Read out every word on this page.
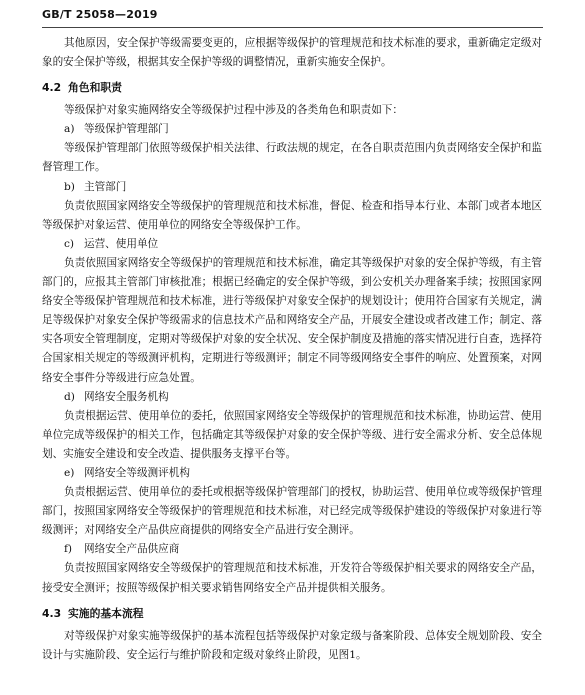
GB/T 25058—2019

其他原因，安全保护等级需要变更的，应根据等级保护的管理规范和技术标准的要求，重新确定定级对象的安全保护等级，根据其安全保护等级的调整情况，重新实施安全保护。

4.2 角色和职责

等级保护对象实施网络安全等级保护过程中涉及的各类角色和职责如下：

a) 等级保护管理部门

等级保护管理部门依照等级保护相关法律、行政法规的规定，在各自职责范围内负责网络安全保护和监督管理工作。

b) 主管部门

负责依照国家网络安全等级保护的管理规范和技术标准，督促、检查和指导本行业、本部门或者本地区等级保护对象运营、使用单位的网络安全等级保护工作。

c) 运营、使用单位

负责依照国家网络安全等级保护的管理规范和技术标准，确定其等级保护对象的安全保护等级，有主管部门的，应报其主管部门审核批准；根据已经确定的安全保护等级，到公安机关办理备案手续；按照国家网络安全等级保护管理规范和技术标准，进行等级保护对象安全保护的规划设计；使用符合国家有关规定，满足等级保护对象安全保护等级需求的信息技术产品和网络安全产品，开展安全建设或者改建工作；制定、落实各项安全管理制度，定期对等级保护对象的安全状况、安全保护制度及措施的落实情况进行自查，选择符合国家相关规定的等级测评机构，定期进行等级测评；制定不同等级网络安全事件的响应、处置预案，对网络安全事件分等级进行应急处置。

d) 网络安全服务机构

负责根据运营、使用单位的委托，依照国家网络安全等级保护的管理规范和技术标准，协助运营、使用单位完成等级保护的相关工作，包括确定其等级保护对象的安全保护等级、进行安全需求分析、安全总体规划、实施安全建设和安全改造、提供服务支撑平台等。

e) 网络安全等级测评机构

负责根据运营、使用单位的委托或根据等级保护管理部门的授权，协助运营、使用单位或等级保护管理部门，按照国家网络安全等级保护的管理规范和技术标准，对已经完成等级保护建设的等级保护对象进行等级测评；对网络安全产品供应商提供的网络安全产品进行安全测评。

f) 网络安全产品供应商

负责按照国家网络安全等级保护的管理规范和技术标准，开发符合等级保护相关要求的网络安全产品，接受安全测评；按照等级保护相关要求销售网络安全产品并提供相关服务。

4.3 实施的基本流程

对等级保护对象实施等级保护的基本流程包括等级保护对象定级与备案阶段、总体安全规划阶段、安全设计与实施阶段、安全运行与维护阶段和定级对象终止阶段，见图1。
